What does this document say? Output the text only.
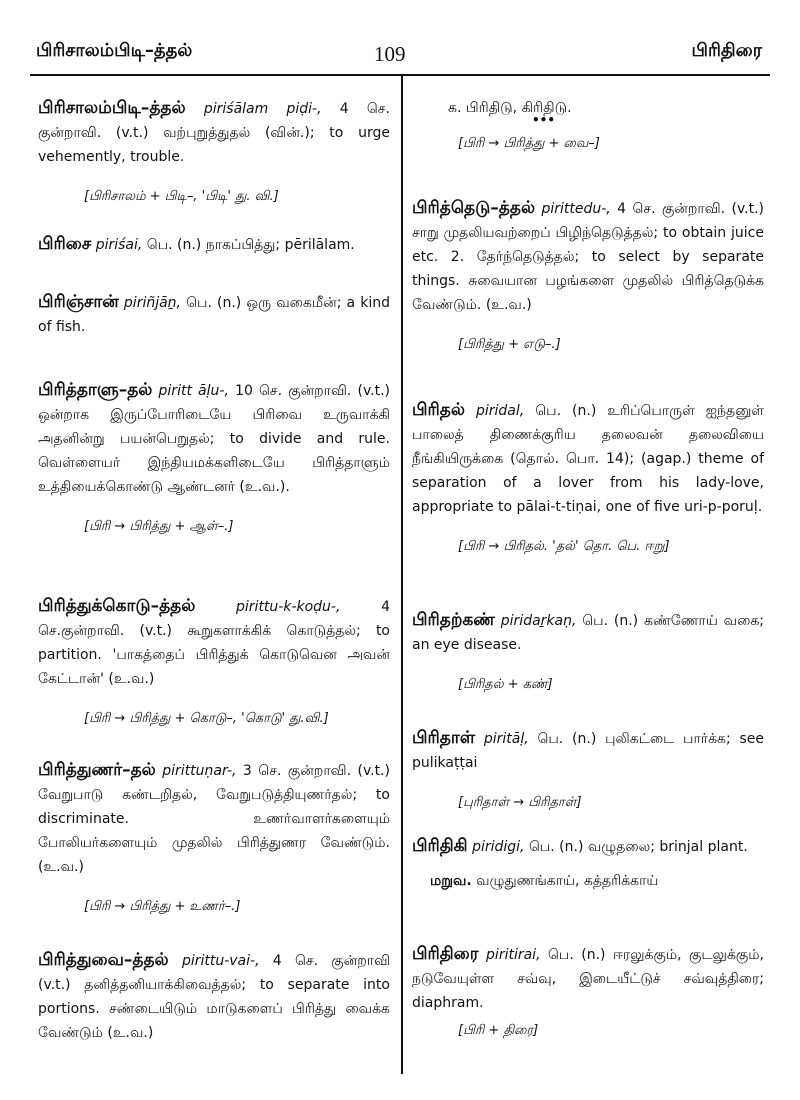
பிரிசாலம்பிடி–த்தல்	109	பிரிதிரை
பிரிசாலம்பிடி–த்தல் piriśālam piḍi-, 4 செ. குன்றாவி. (v.t.) வற்புறுத்துதல் (வின்.); to urge vehemently, trouble.
[பிரிசாலம் + பிடி–, 'பிடி' து. வி.]
பிரிசை piriśai, பெ. (n.) நாகப்பித்து; pērilālam.
பிரிஞ்சான் piriñjāṉ, பெ. (n.) ஒரு வகைமீன்; a kind of fish.
பிரித்தாளு–தல் piritt āḷu-, 10 செ. குன்றாவி. (v.t.) ஒன்றாக இருப்போரிடையே பிரிவை உருவாக்கி அதனின்று பயன்பெறுதல்; to divide and rule. வெள்ளையர் இந்தியமக்களிடையே பிரித்தாளும் உத்தியைக்கொண்டு ஆண்டனர் (உ.வ.).
[பிரி → பிரித்து + ஆள்–.]
பிரித்துக்கொடு–த்தல்	pirittu-k-koḍu-, 4 செ.குன்றாவி. (v.t.) கூறுகளாக்கிக் கொடுத்தல்; to partition. 'பாகத்தைப் பிரித்துக் கொடுவென அவன் கேட்டான்' (உ.வ.)
[பிரி → பிரித்து + கொடு–, 'கொடு' து.வி.]
பிரித்துணர்–தல் pirittuṇar-, 3 செ. குன்றாவி. (v.t.) வேறுபாடு கண்டறிதல், வேறுபடுத்தியுணர்தல்; to discriminate. உணர்வாளர்களையும் போலியர்களையும் முதலில் பிரித்துணர வேண்டும். (உ.வ.)
[பிரி → பிரித்து + உணர்–.]
பிரித்துவை–த்தல் pirittu-vai-, 4 செ. குன்றாவி (v.t.) தனித்தனியாக்கிவைத்தல்; to separate into portions. சண்டையிடும் மாடுகளைப் பிரித்து வைக்க வேண்டும் (உ.வ.)
க. பிரிதிடு, கிரிதிடு.
•••
[பிரி → பிரித்து + வை–]
பிரித்தெடு–த்தல் pirittedu-, 4 செ. குன்றாவி. (v.t.) சாறு முதலியவற்றைப் பிழிந்தெடுத்தல்; to obtain juice etc. 2. தேர்ந்தெடுத்தல்; to select by separate things. சுவையான பழங்களை முதலில் பிரித்தெடுக்க வேண்டும். (உ.வ.)
[பிரித்து + எடு–.]
பிரிதல் piridal, பெ. (n.) உரிப்பொருள் ஐந்தனுள் பாலைத் திணைக்குரிய தலைவன் தலைவியை நீங்கியிருக்கை (தொல். பொ. 14); (agap.) theme of separation of a lover from his lady-love, appropriate to pālai-t-tiṇai, one of five uri-p-poruḷ.
[பிரி → பிரிதல். 'தல்' தொ. பெ. ஈறு]
பிரிதற்கண் piridaṟkaṇ, பெ. (n.) கண்ணோய் வகை; an eye disease.
[பிரிதல் + கண்]
பிரிதாள் piritāḷ, பெ. (n.) புலிகட்டை பார்க்க; see pulikaṭṭai
[புரிதாள் → பிரிதாள்]
பிரிதிகி piridigi, பெ. (n.) வழுதலை; brinjal plant.
மறுவ. வழுதுணங்காய், கத்தரிக்காய்
பிரிதிரை piritirai, பெ. (n.) ஈரலுக்கும், குடலுக்கும், நடுவேயுள்ள சவ்வு, இடையீட்டுச் சவ்வுத்திரை; diaphram.
[பிரி + திரை]
